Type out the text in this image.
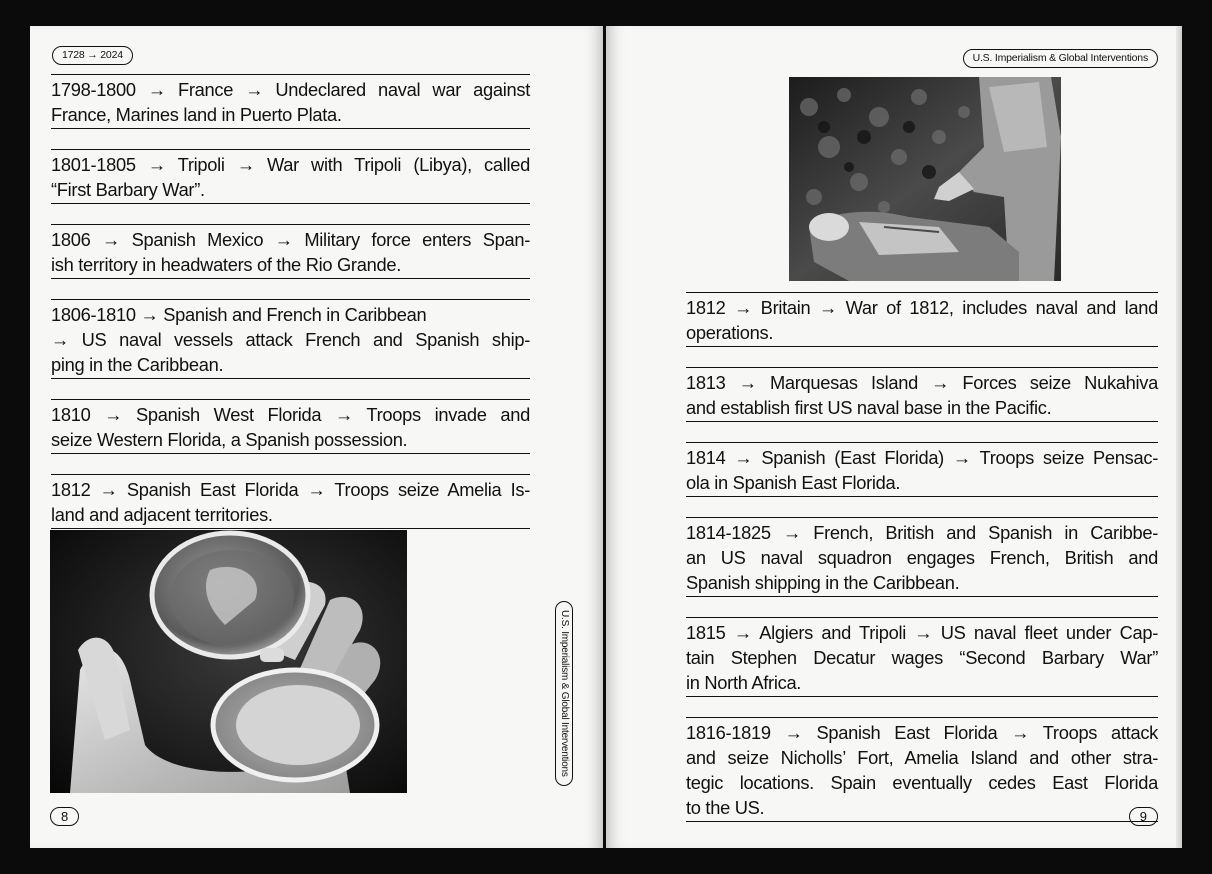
1728 → 2024
1798-1800 → France → Undeclared naval war against
France, Marines land in Puerto Plata.
1801-1805 → Tripoli → War with Tripoli (Libya), called
“First Barbary War”.
1806 → Spanish Mexico → Military force enters Span-
ish territory in headwaters of the Rio Grande.
1806-1810 → Spanish and French in Caribbean
→ US naval vessels attack French and Spanish ship-
ping in the Caribbean.
1810 → Spanish West Florida → Troops invade and
seize Western Florida, a Spanish possession.
1812 → Spanish East Florida → Troops seize Amelia Is-
land and adjacent territories.
U.S. Imperialism & Global Interventions
8
U.S. Imperialism & Global Interventions
1812 → Britain → War of 1812, includes naval and land
operations.
1813 → Marquesas Island → Forces seize Nukahiva
and establish first US naval base in the Pacific.
1814 → Spanish (East Florida) → Troops seize Pensac-
ola in Spanish East Florida.
1814-1825 → French, British and Spanish in Caribbe-
an US naval squadron engages French, British and
Spanish shipping in the Caribbean.
1815 → Algiers and Tripoli → US naval fleet under Cap-
tain Stephen Decatur wages “Second Barbary War”
in North Africa.
1816-1819 → Spanish East Florida → Troops attack
and seize Nicholls’ Fort, Amelia Island and other stra-
tegic locations. Spain eventually cedes East Florida
to the US.	9
